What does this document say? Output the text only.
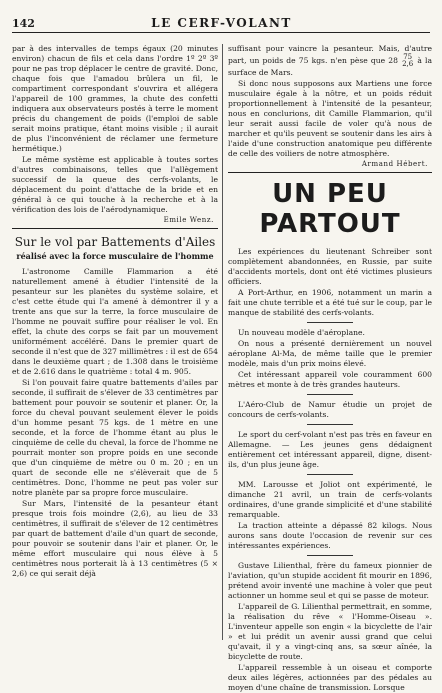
142	LE CERF-VOLANT

par à des intervalles de temps égaux (20 minutes environ) chacun de fils et cela dans l'ordre 1º 2º 3º pour ne pas trop déplacer le centre de gravité. Donc, chaque fois que l'amadou brûlera un fil, le compartiment correspondant s'ouvrira et allégera l'appareil de 100 grammes, la chute des confetti indiquera aux observateurs postés à terre le moment précis du changement de poids (l'emploi de sable serait moins pratique, étant moins visible ; il aurait de plus l'inconvénient de réclamer une fermeture hermétique.)

Le même système est applicable à toutes sortes d'autres combinaisons, telles que l'allègement successif de la queue des cerfs-volants, le déplacement du point d'attache de la bride et en général à ce qui touche à la recherche et à la vérification des lois de l'aérodynamique.

Emile Wenz.
Sur le vol par Battements d'Ailes
réalisé avec la force musculaire de l'homme

L'astronome Camille Flammarion a été naturellement amené à étudier l'intensité de la pesanteur sur les planètes du système solaire, et c'est cette étude qui l'a amené à démontrer il y a trente ans que sur la terre, la force musculaire de l'homme ne pouvait suffire pour réaliser le vol. En effet, la chute des corps se fait par un mouvement uniformément accéléré. Dans le premier quart de seconde il n'est que de 327 millimètres : il est de 654 dans le deuxième quart ; de 1.308 dans le troisième et de 2.616 dans le quatrième : total 4 m. 905.

Si l'on pouvait faire quatre battements d'ailes par seconde, il suffirait de s'élever de 33 centimètres par battement pour pouvoir se soutenir et planer. Or, la force du cheval pouvant seulement élever le poids d'un homme pesant 75 kgs. de 1 mètre en une seconde, et la force de l'homme étant au plus le cinquième de celle du cheval, la force de l'homme ne pourrait monter son propre poids en une seconde que d'un cinquième de mètre ou 0 m. 20 ; en un quart de seconde elle ne s'élèverait que de 5 centimètres. Donc, l'homme ne peut pas voler sur notre planète par sa propre force musculaire.

Sur Mars, l'intensité de la pesanteur étant presque trois fois moindre (2,6), au lieu de 33 centimètres, il suffirait de s'élever de 12 centimètres par quart de battement d'aile d'un quart de seconde, pour pouvoir se soutenir dans l'air et planer. Or, le même effort musculaire qui nous élève à 5 centimètres nous porterait là à 13 centimètres (5 × 2,6) ce qui serait déjà

suffisant pour vaincre la pesanteur. Mais, d'autre part, un poids de 75 kgs. n'en pèse que 28 75
2,6 à la surface de Mars.

Si donc nous supposons aux Martiens une force musculaire égale à la nôtre, et un poids réduit proportionnellement à l'intensité de la pesanteur, nous en conclurions, dit Camille Flammarion, qu'il leur serait aussi facile de voler qu'à nous de marcher et qu'ils peuvent se soutenir dans les airs à l'aide d'une construction anatomique peu différente de celle des voiliers de notre atmosphère.

Armand Hébert.
UN PEU PARTOUT

Les expériences du lieutenant Schreiber sont complètement abandonnées, en Russie, par suite d'accidents mortels, dont ont été victimes plusieurs officiers.

A Port-Arthur, en 1906, notamment un marin a fait une chute terrible et a été tué sur le coup, par le manque de stabilité des cerfs-volants.

Un nouveau modèle d'aéroplane.

On nous a présenté dernièrement un nouvel aéroplane Al-Ma, de même taille que le premier modèle, mais d'un prix moins élevé.

Cet intéressant appareil vole couramment 600 mètres et monte à de très grandes hauteurs.

L'Aéro-Club de Namur étudie un projet de concours de cerfs-volants.

Le sport du cerf-volant n'est pas très en faveur en Allemagne. — Les jeunes gens dédaignent entièrement cet intéressant appareil, digne, disent-ils, d'un plus jeune âge.

MM. Larousse et Joliot ont expérimenté, le dimanche 21 avril, un train de cerfs-volants ordinaires, d'une grande simplicité et d'une stabilité remarquable.

La traction atteinte a dépassé 82 kilogs. Nous aurons sans doute l'occasion de revenir sur ces intéressantes expériences.

Gustave Lilienthal, frère du fameux pionnier de l'aviation, qu'un stupide accident fit mourir en 1896, prétend avoir inventé une machine à voler que peut actionner un homme seul et qui se passe de moteur.

L'appareil de G. Lilienthal permettrait, en somme, la réalisation du rêve « l'Homme-Oiseau ». L'inventeur appelle son engin « la bicyclette de l'air » et lui prédit un avenir aussi grand que celui qu'avait, il y a vingt-cinq ans, sa sœur aînée, la bicyclette de route.

L'appareil ressemble à un oiseau et comporte deux ailes légères, actionnées par des pédales au moyen d'une chaîne de transmission. Lorsque
